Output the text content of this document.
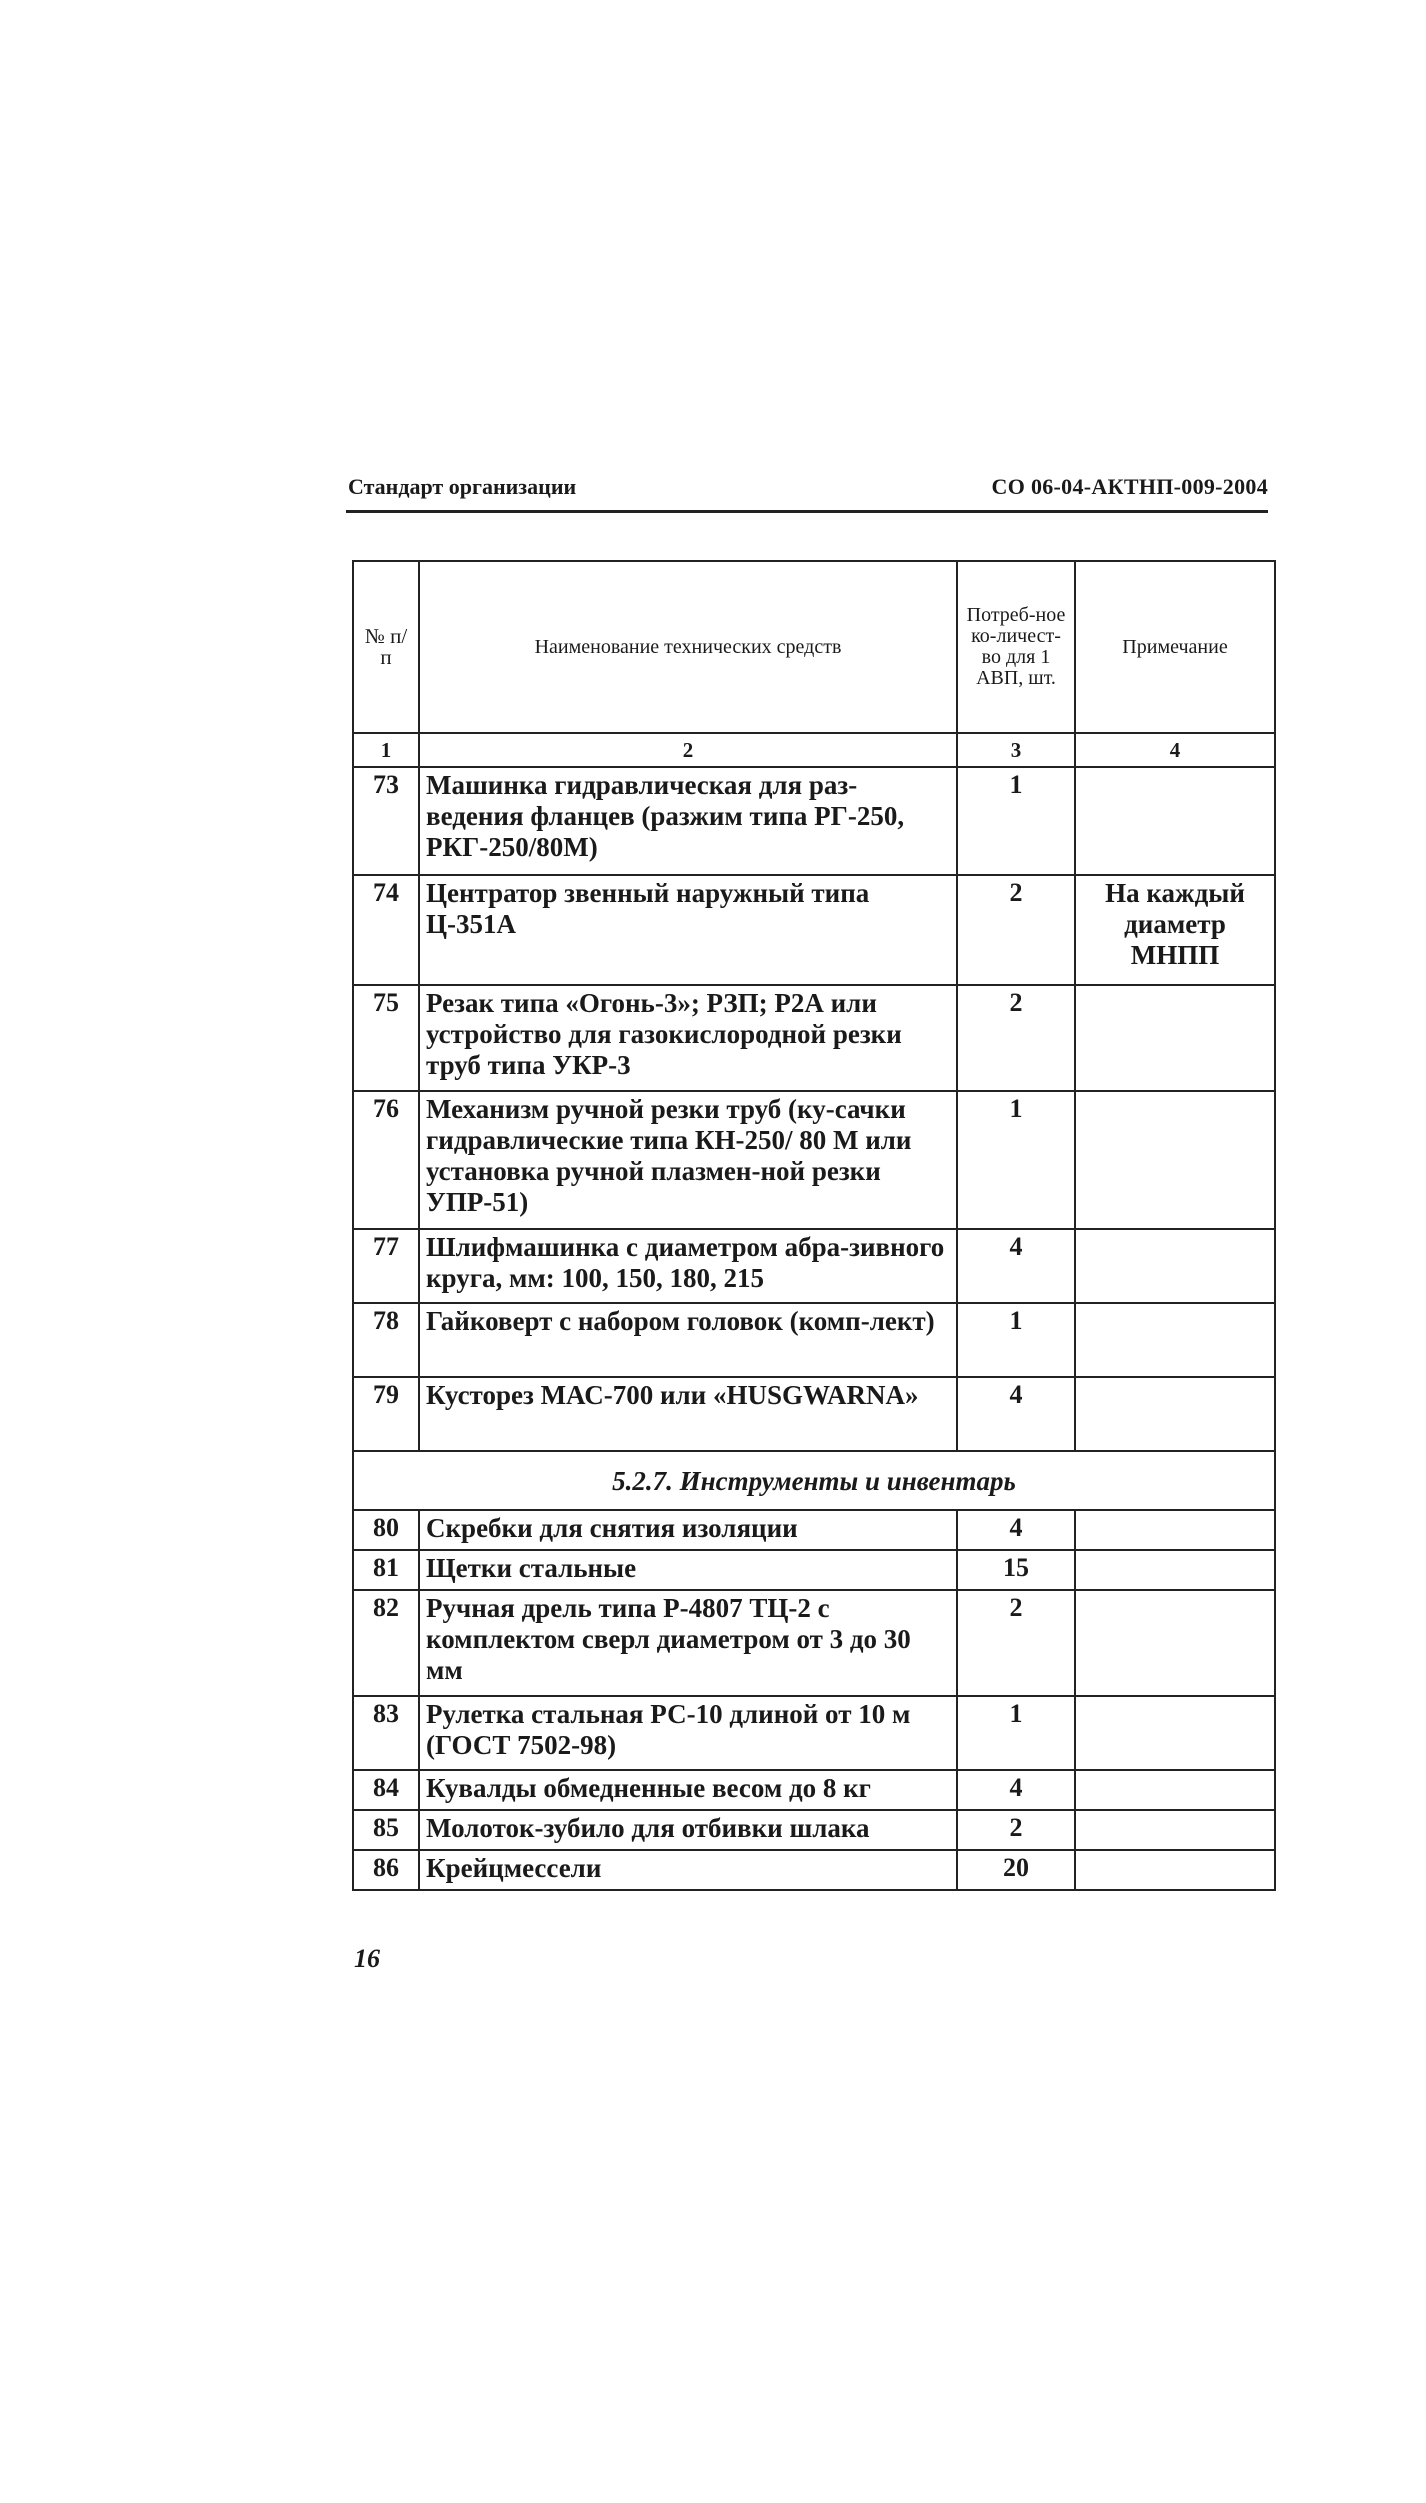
Стандарт организации	СО 06-04-АКТНП-009-2004
№ п/п	Наименование технических средств	Потреб-ное ко-личест-во для 1 АВП, шт.	Примечание
1	2	3	4
73	Машинка гидравлическая для раз-ведения фланцев (разжим типа РГ-250, РКГ-250/80М)	1	
74	Центратор звенный наружный типа Ц-351А	2	На каждый диаметр МНПП
75	Резак типа «Огонь-3»; РЗП; Р2А или устройство для газокислородной резки труб типа УКР-3	2	
76	Механизм ручной резки труб (ку-сачки гидравлические типа КН-250/ 80 М или установка ручной плазмен-ной резки УПР-51)	1	
77	Шлифмашинка с диаметром абра-зивного круга, мм: 100, 150, 180, 215	4	
78	Гайковерт с набором головок (комп-лект)	1	
79	Кусторез МАС-700 или «HUSGWARNA»	4	
5.2.7. Инструменты и инвентарь			
80	Скребки для снятия изоляции	4	
81	Щетки стальные	15	
82	Ручная дрель типа Р-4807 ТЦ-2 с комплектом сверл диаметром от 3 до 30 мм	2	
83	Рулетка стальная РС-10 длиной от 10 м (ГОСТ 7502-98)	1	
84	Кувалды обмедненные весом до 8 кг	4	
85	Молоток-зубило для отбивки шлака	2	
86	Крейцмессели	20	
16
